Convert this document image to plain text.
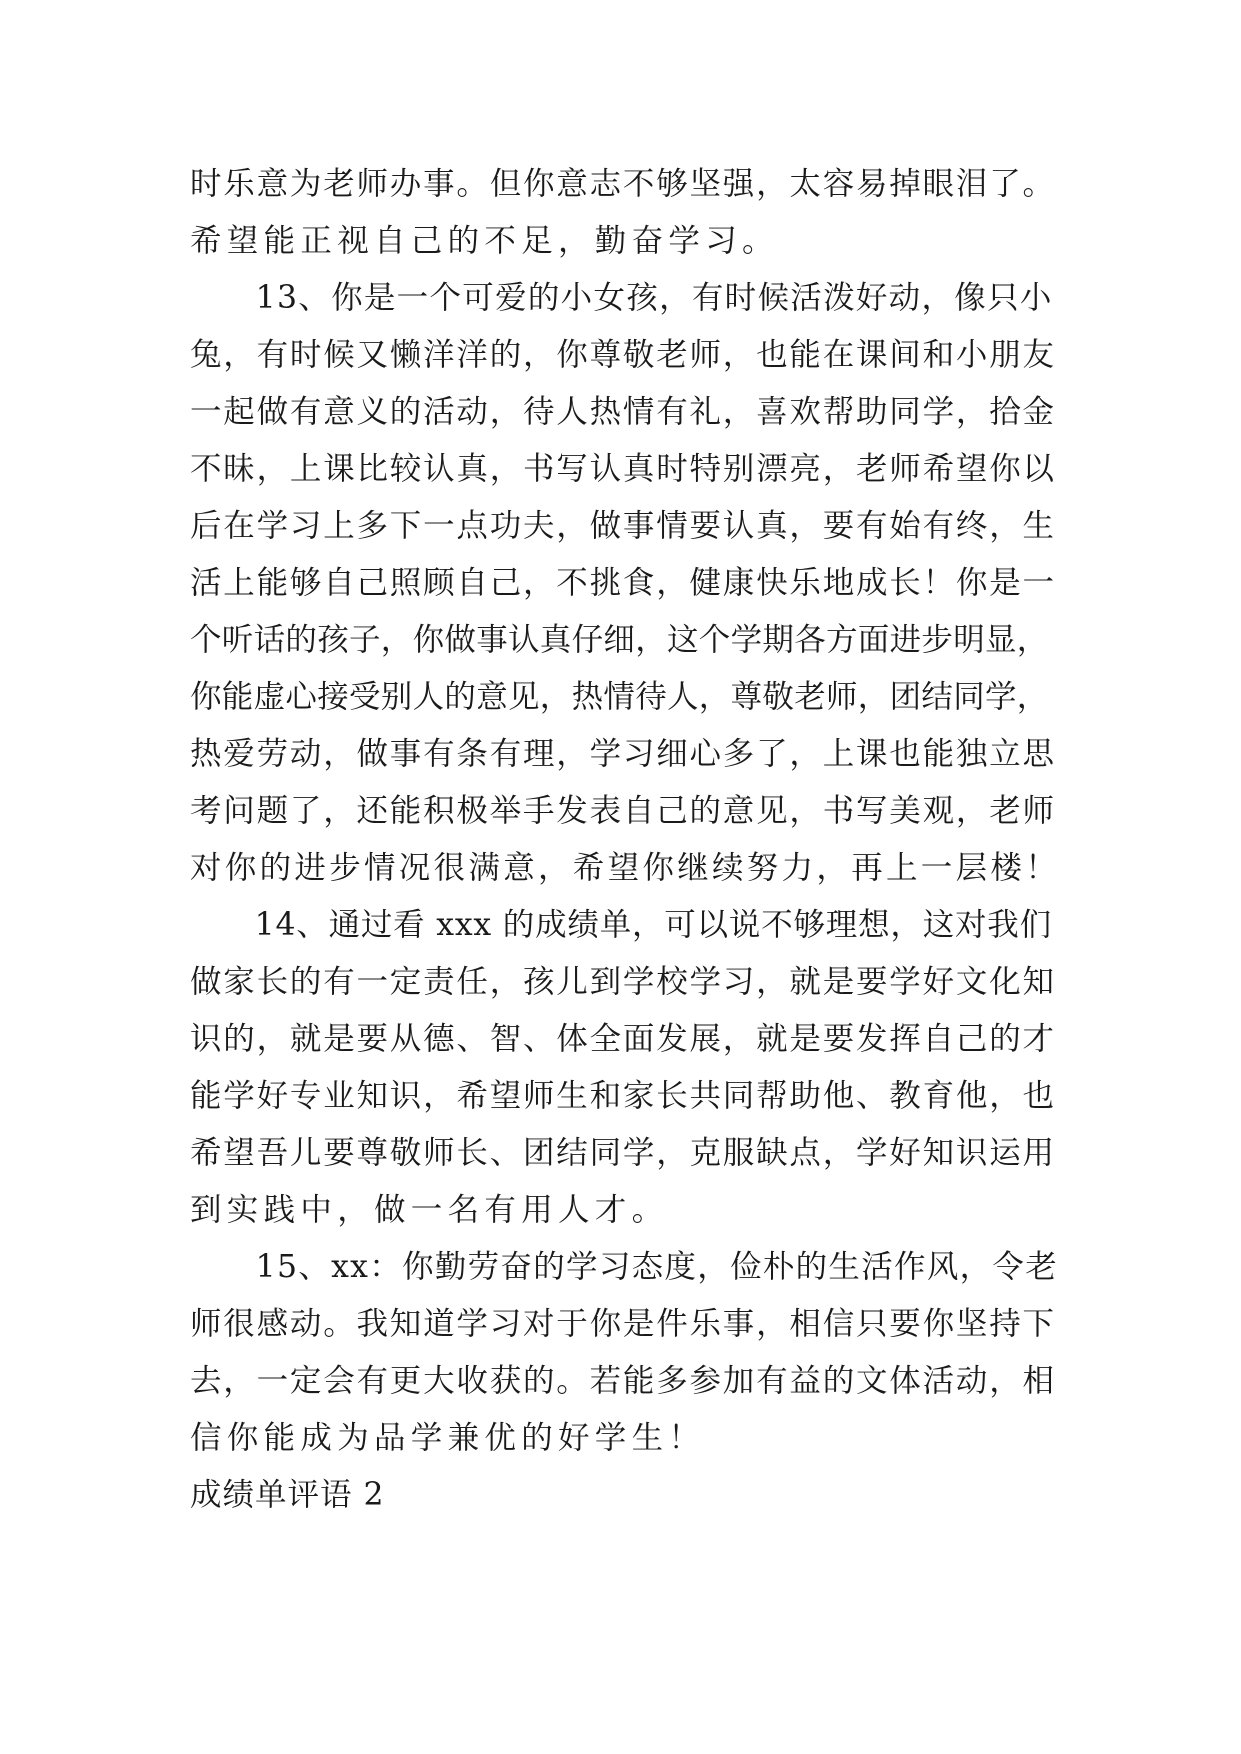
时乐意为老师办事。但你意志不够坚强，太容易掉眼泪了。
希望能正视自己的不足，勤奋学习。
　　13、你是一个可爱的小女孩，有时候活泼好动，像只小
兔，有时候又懒洋洋的，你尊敬老师，也能在课间和小朋友
一起做有意义的活动，待人热情有礼，喜欢帮助同学，拾金
不昧，上课比较认真，书写认真时特别漂亮，老师希望你以
后在学习上多下一点功夫，做事情要认真，要有始有终，生
活上能够自己照顾自己，不挑食，健康快乐地成长！你是一
个听话的孩子，你做事认真仔细，这个学期各方面进步明显，
你能虚心接受别人的意见，热情待人，尊敬老师，团结同学，
热爱劳动，做事有条有理，学习细心多了，上课也能独立思
考问题了，还能积极举手发表自己的意见，书写美观，老师
对你的进步情况很满意，希望你继续努力，再上一层楼！
　　14、通过看 xxx 的成绩单，可以说不够理想，这对我们
做家长的有一定责任，孩儿到学校学习，就是要学好文化知
识的，就是要从德、智、体全面发展，就是要发挥自己的才
能学好专业知识，希望师生和家长共同帮助他、教育他，也
希望吾儿要尊敬师长、团结同学，克服缺点，学好知识运用
到实践中，做一名有用人才。
　　15、xx：你勤劳奋的学习态度，俭朴的生活作风，令老
师很感动。我知道学习对于你是件乐事，相信只要你坚持下
去，一定会有更大收获的。若能多参加有益的文体活动，相
信你能成为品学兼优的好学生！
成绩单评语 2
